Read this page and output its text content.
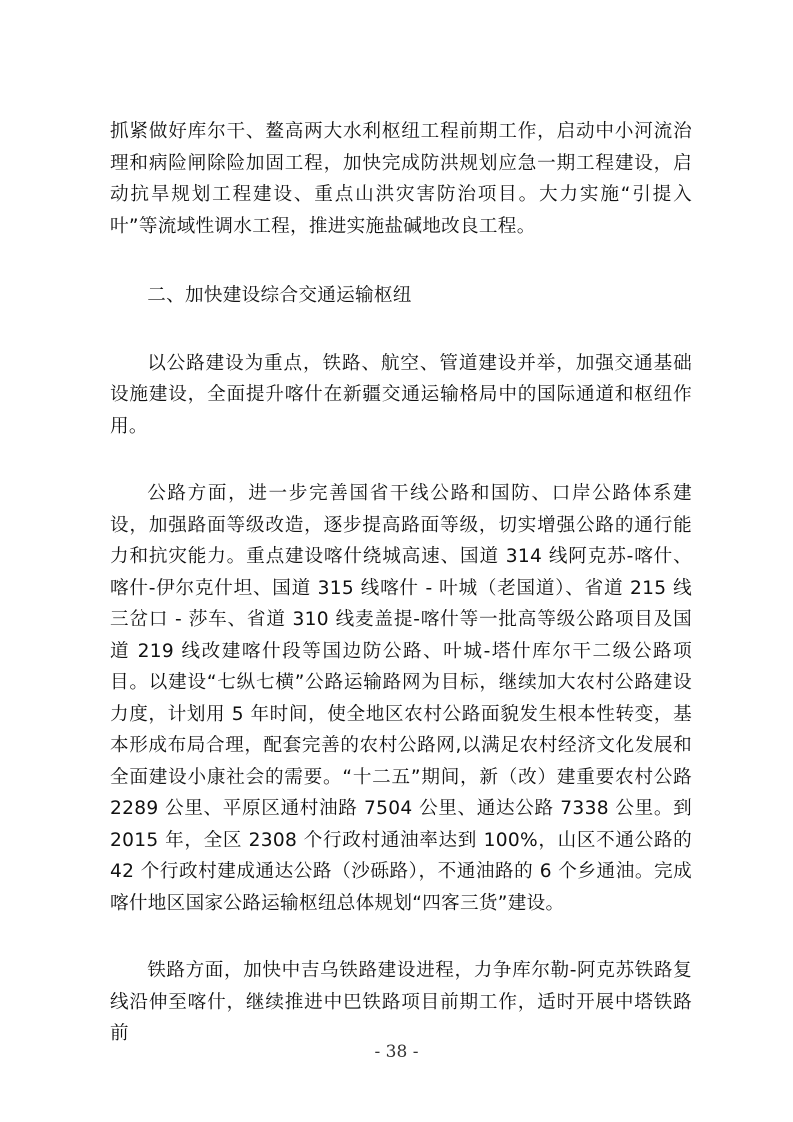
抓紧做好库尔干、鳌高两大水利枢纽工程前期工作，启动中小河流治理和病险闸除险加固工程，加快完成防洪规划应急一期工程建设，启动抗旱规划工程建设、重点山洪灾害防治项目。大力实施“引提入叶”等流域性调水工程，推进实施盐碱地改良工程。

二、加快建设综合交通运输枢纽

以公路建设为重点，铁路、航空、管道建设并举，加强交通基础设施建设，全面提升喀什在新疆交通运输格局中的国际通道和枢纽作用。

公路方面，进一步完善国省干线公路和国防、口岸公路体系建设，加强路面等级改造，逐步提高路面等级，切实增强公路的通行能力和抗灾能力。重点建设喀什绕城高速、国道 314 线阿克苏-喀什、喀什-伊尔克什坦、国道 315 线喀什 - 叶城（老国道）、省道 215 线三岔口 - 莎车、省道 310 线麦盖提-喀什等一批高等级公路项目及国道 219 线改建喀什段等国边防公路、叶城-塔什库尔干二级公路项目。以建设“七纵七横”公路运输路网为目标，继续加大农村公路建设力度，计划用 5 年时间，使全地区农村公路面貌发生根本性转变，基本形成布局合理，配套完善的农村公路网,以满足农村经济文化发展和全面建设小康社会的需要。“十二五”期间，新（改）建重要农村公路 2289 公里、平原区通村油路 7504 公里、通达公路 7338 公里。到 2015 年，全区 2308 个行政村通油率达到 100%，山区不通公路的 42 个行政村建成通达公路（沙砾路），不通油路的 6 个乡通油。完成喀什地区国家公路运输枢纽总体规划“四客三货”建设。

铁路方面，加快中吉乌铁路建设进程，力争库尔勒-阿克苏铁路复线沿伸至喀什，继续推进中巴铁路项目前期工作，适时开展中塔铁路前

- 38 -
